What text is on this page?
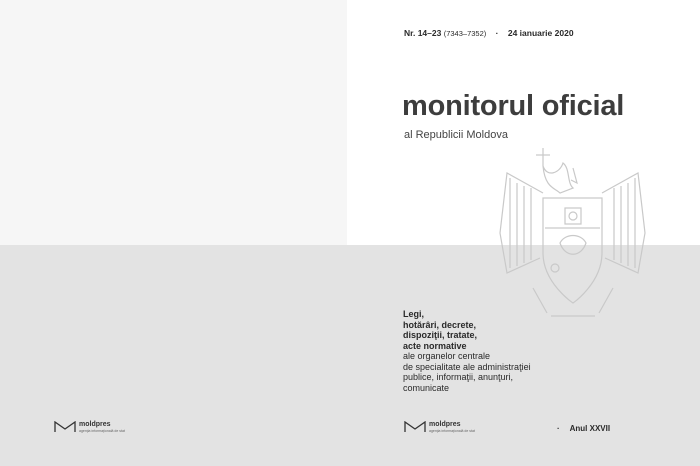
Nr. 14–23 (7343–7352) · 24 ianuarie 2020
monitorul oficial
al Republicii Moldova
Legi,
hotărâri, decrete,
dispoziţii, tratate,
acte normative
ale organelor centrale
de specialitate ale administraţiei
publice, informaţii, anunţuri,
comunicate
moldpres
agenţia informaţională de stat
moldpres
agenţia informaţională de stat	· Anul XXVII
